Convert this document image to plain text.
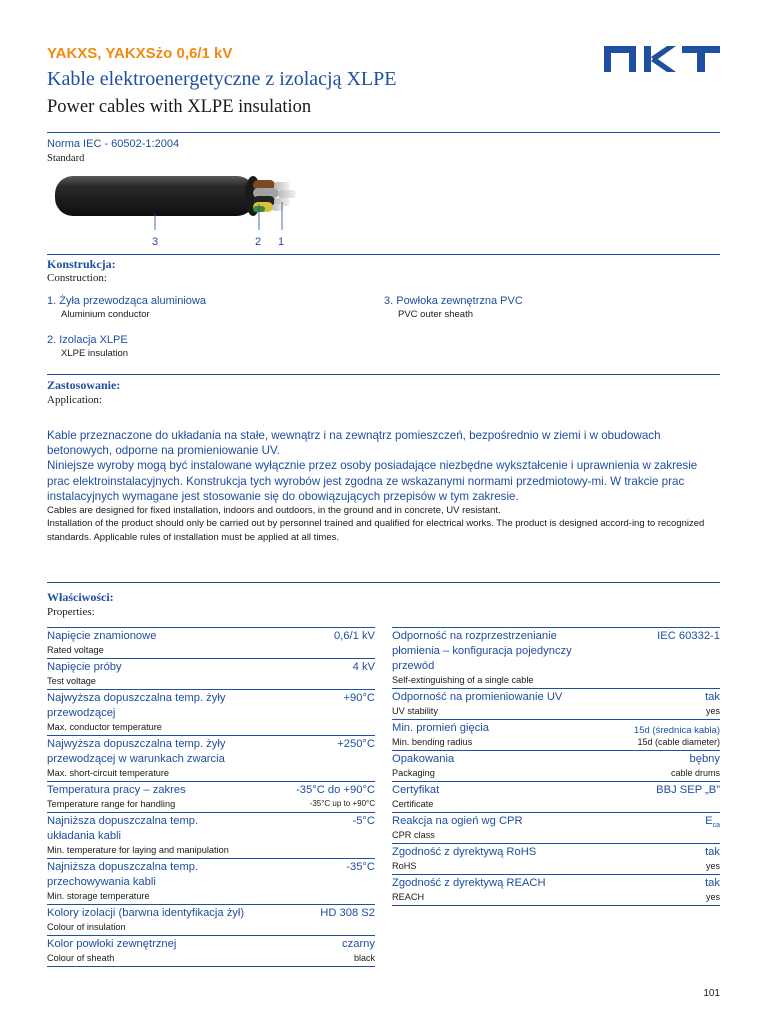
YAKXS, YAKXSżo 0,6/1 kV
Kable elektroenergetyczne z izolacją XLPE
Power cables with XLPE insulation
Norma IEC - 60502-1:2004
Standard
3	2 1
Konstrukcja:
Construction:
1. Żyła przewodząca aluminiowa
Aluminium conductor
2. Izolacja XLPE
XLPE insulation
3. Powłoka zewnętrzna PVC
PVC outer sheath
Zastosowanie:
Application:

Kable przeznaczone do układania na stałe, wewnątrz i na zewnątrz pomieszczeń, bezpośrednio w ziemi i w obudowach betonowych, odporne na promieniowanie UV.

Niniejsze wyroby mogą być instalowane wyłącznie przez osoby posiadające niezbędne wykształcenie i uprawnienia w zakresie prac elektroinstalacyjnych. Konstrukcja tych wyrobów jest zgodna ze wskazanymi normami przedmiotowy-mi. W trakcie prac instalacyjnych wymagane jest stosowanie się do obowiązujących przepisów w tym zakresie.

Cables are designed for fixed installation, indoors and outdoors, in the ground and in concrete, UV resistant.

Installation of the product should only be carried out by personnel trained and qualified for electrical works. The product is designed accord-ing to recognized standards. Applicable rules of installation must be applied at all times.

Właściwości:
Properties:
Napięcie znamionowe
Rated voltage
0,6/1 kV
Napięcie próby
Test voltage
4 kV
Najwyższa dopuszczalna temp. żyły przewodzącej
Max. conductor temperature
+90°C
Najwyższa dopuszczalna temp. żyły przewodzącej w warunkach zwarcia
Max. short-circuit temperature
+250°C
Temperatura pracy – zakres
Temperature range for handling
-35°C do +90°C
-35°C up to +90°C
Najniższa dopuszczalna temp. układania kabli
Min. temperature for laying and manipulation
-5°C
Najniższa dopuszczalna temp. przechowywania kabli
Min. storage temperature
-35°C
Kolory izolacji (barwna identyfikacja żył)
Colour of insulation
HD 308 S2
Kolor powłoki zewnętrznej
Colour of sheath
czarny
black
Odporność na rozprzestrzenianie płomienia – konfiguracja pojedynczy przewód
Self-extinguishing of a single cable
IEC 60332-1
Odporność na promieniowanie UV
UV stability
tak
yes
Min. promień gięcia
Min. bending radius
15d (średnica kabla)
15d (cable diameter)
Opakowania
Packaging
bębny
cable drums
Certyfikat
Certificate
BBJ SEP „B”
Reakcja na ogień wg CPR
CPR class
$E_{ca}$
Zgodność z dyrektywą RoHS
RoHS
tak
yes
Zgodność z dyrektywą REACH
REACH
tak
yes
101
